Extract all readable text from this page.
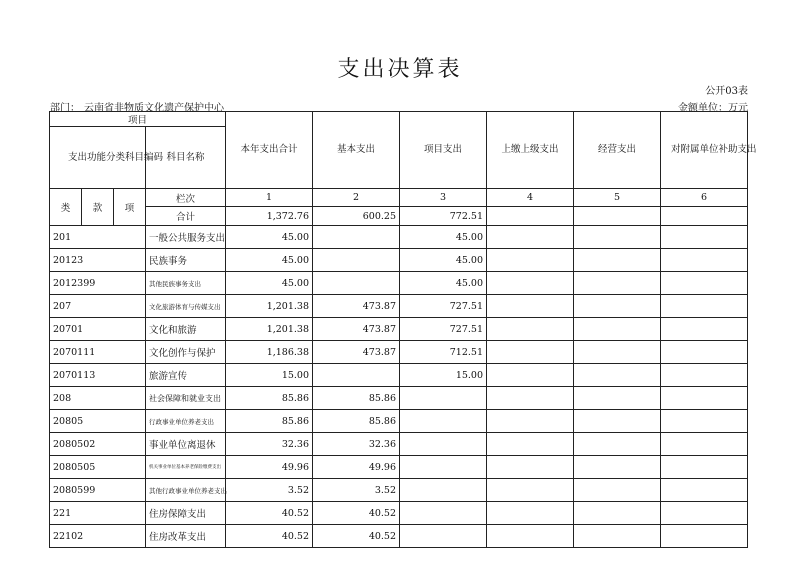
支出决算表
公开03表
部门： 云南省非物质文化遗产保护中心	金额单位：万元
项目				本年支出合计	基本支出	项目支出	上缴上级支出	经营支出	对附属单位补助支出
支出功能分类科目编码			科目名称						
类	款	项	栏次	1	2	3	4	5	6
			合计	1,372.76	600.25	772.51			
201			一般公共服务支出	45.00		45.00			
20123			民族事务	45.00		45.00			
2012399			其他民族事务支出	45.00		45.00			
207			文化旅游体育与传媒支出	1,201.38	473.87	727.51			
20701			文化和旅游	1,201.38	473.87	727.51			
2070111			文化创作与保护	1,186.38	473.87	712.51			
2070113			旅游宣传	15.00		15.00			
208			社会保障和就业支出	85.86	85.86				
20805			行政事业单位养老支出	85.86	85.86				
2080502			事业单位离退休	32.36	32.36				
2080505			机关事业单位基本养老保险缴费支出	49.96	49.96				
2080599			其他行政事业单位养老支出	3.52	3.52				
221			住房保障支出	40.52	40.52				
22102			住房改革支出	40.52	40.52				
